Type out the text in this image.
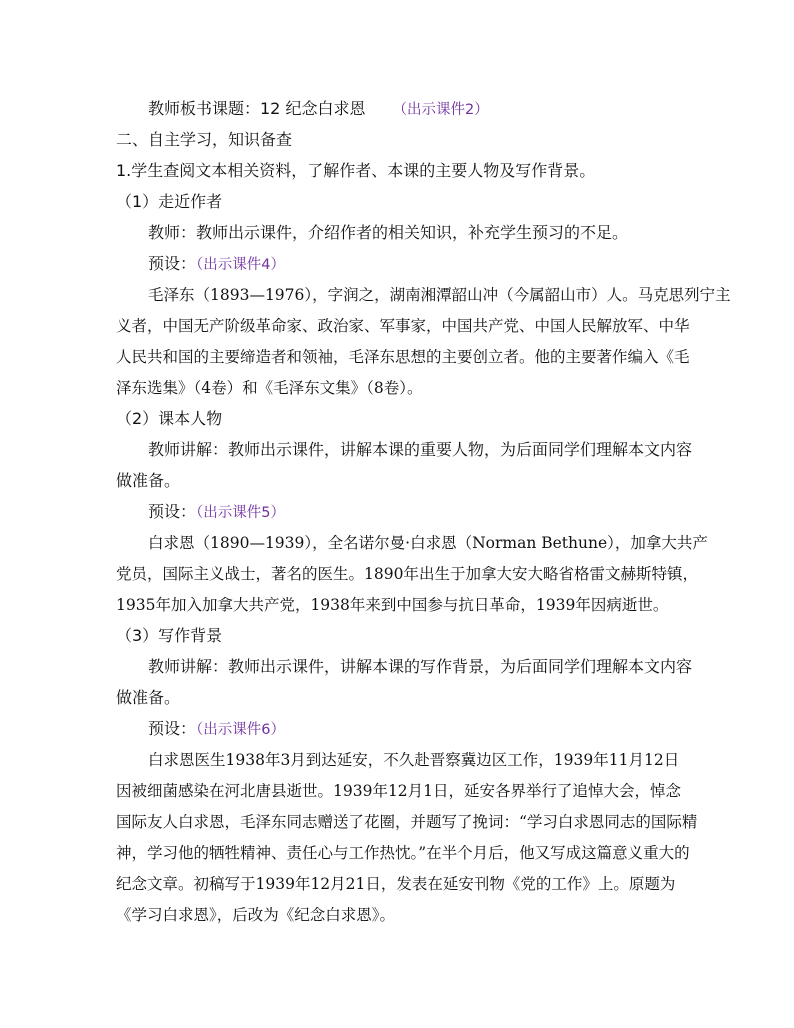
教师板书课题：12 纪念白求恩 （出示课件2）
二、自主学习，知识备查
1.学生查阅文本相关资料，了解作者、本课的主要人物及写作背景。
（1）走近作者
教师：教师出示课件，介绍作者的相关知识，补充学生预习的不足。
预设：（出示课件4）
毛泽东（1893—1976），字润之，湖南湘潭韶山冲（今属韶山市）人。马克思列宁主
义者，中国无产阶级革命家、政治家、军事家，中国共产党、中国人民解放军、中华
人民共和国的主要缔造者和领袖，毛泽东思想的主要创立者。他的主要著作编入《毛
泽东选集》（4卷）和《毛泽东文集》（8卷）。
（2）课本人物
教师讲解：教师出示课件，讲解本课的重要人物，为后面同学们理解本文内容
做准备。
预设：（出示课件5）
白求恩（1890—1939），全名诺尔曼·白求恩（Norman Bethune），加拿大共产
党员，国际主义战士，著名的医生。1890年出生于加拿大安大略省格雷文赫斯特镇，
1935年加入加拿大共产党，1938年来到中国参与抗日革命，1939年因病逝世。
（3）写作背景
教师讲解：教师出示课件，讲解本课的写作背景，为后面同学们理解本文内容
做准备。
预设：（出示课件6）
白求恩医生1938年3月到达延安，不久赴晋察冀边区工作，1939年11月12日
因被细菌感染在河北唐县逝世。1939年12月1日，延安各界举行了追悼大会，悼念
国际友人白求恩，毛泽东同志赠送了花圈，并题写了挽词：“学习白求恩同志的国际精
神，学习他的牺牲精神、责任心与工作热忱。”在半个月后，他又写成这篇意义重大的
纪念文章。初稿写于1939年12月21日，发表在延安刊物《党的工作》上。原题为
《学习白求恩》，后改为《纪念白求恩》。
